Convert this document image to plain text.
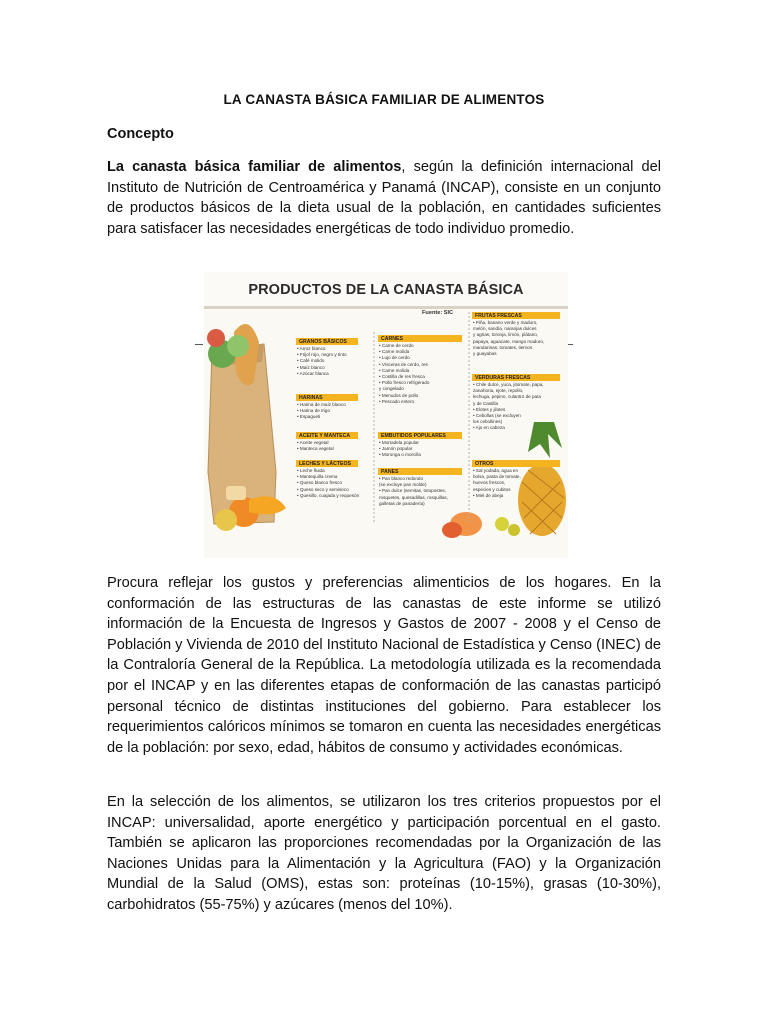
LA CANASTA BÁSICA FAMILIAR DE ALIMENTOS
Concepto
La canasta básica familiar de alimentos, según la definición internacional del Instituto de Nutrición de Centroamérica y Panamá (INCAP), consiste en un conjunto de productos básicos de la dieta usual de la población, en cantidades suficientes para satisfacer las necesidades energéticas de todo individuo promedio.
PRODUCTOS DE LA CANASTA BÁSICA
Fuente: SIC
GRANOS BÁSICOS
• Arroz blanco
• Frijol rojo, negro y tinto
• Café molido
• Maíz blanco
• Azúcar blanca
HARINAS
• Harina de maíz blanco
• Harina de trigo
• Espagueti
ACEITE Y MANTECA
• Aceite vegetal
• Manteca vegetal
LECHES Y LÁCTEOS
• Leche fluida
• Mantequilla crema
• Queso blanco fresco
• Queso seco y semiseco
• Quesillo, cuajada y requesón
CARNES
• Carne de cerdo
• Carne molida
• Lujo de cerdo
• Vísceras de cerdo, res
• Carne molida
• Costilla de res fresca
• Pollo fresco refrigerado
y congelado
• Menudos de pollo
• Pescado entero
EMBUTIDOS POPULARES
• Mortadela popular
• Jamón popular
• Moronga o morcilla
PANES
• Pan blanco redondo
(se excluye pan molde)
• Pan dulce (semitas, totopostes,
rosquetes, quesadillas, rosquillas,
galletas de panadería)
FRUTAS FRESCAS
• Piña, banano verde y maduro,
melón, sandía, naranjas dulces
y agrias, toronja, limón, plátano,
papaya, aguacate, mango maduro,
mandarinas, tomates, tiernos
y guayabas
VERDURAS FRESCAS
• Chile dulce, yuca, jitomate, papa,
zanahoria, ejote, repollo,
lechuga, pepino, culantro de pata
y de Castilla
• Elotes y jilotes
• Cebollas (se excluyen
los cebollines)
• Ajo en cabeza
OTROS
• Sal yodada, agua en
bolsa, pasta de tomate,
huevos frescos,
especies y cubitos
• Miel de abeja
Procura reflejar los gustos y preferencias alimenticios de los hogares. En la conformación de las estructuras de las canastas de este informe se utilizó información de la Encuesta de Ingresos y Gastos de 2007 - 2008 y el Censo de Población y Vivienda de 2010 del Instituto Nacional de Estadística y Censo (INEC) de la Contraloría General de la República. La metodología utilizada es la recomendada por el INCAP y en las diferentes etapas de conformación de las canastas participó personal técnico de distintas instituciones del gobierno. Para establecer los requerimientos calóricos mínimos se tomaron en cuenta las necesidades energéticas de la población: por sexo, edad, hábitos de consumo y actividades económicas.
En la selección de los alimentos, se utilizaron los tres criterios propuestos por el INCAP: universalidad, aporte energético y participación porcentual en el gasto. También se aplicaron las proporciones recomendadas por la Organización de las Naciones Unidas para la Alimentación y la Agricultura (FAO) y la Organización Mundial de la Salud (OMS), estas son: proteínas (10-15%), grasas (10-30%), carbohidratos (55-75%) y azúcares (menos del 10%).
